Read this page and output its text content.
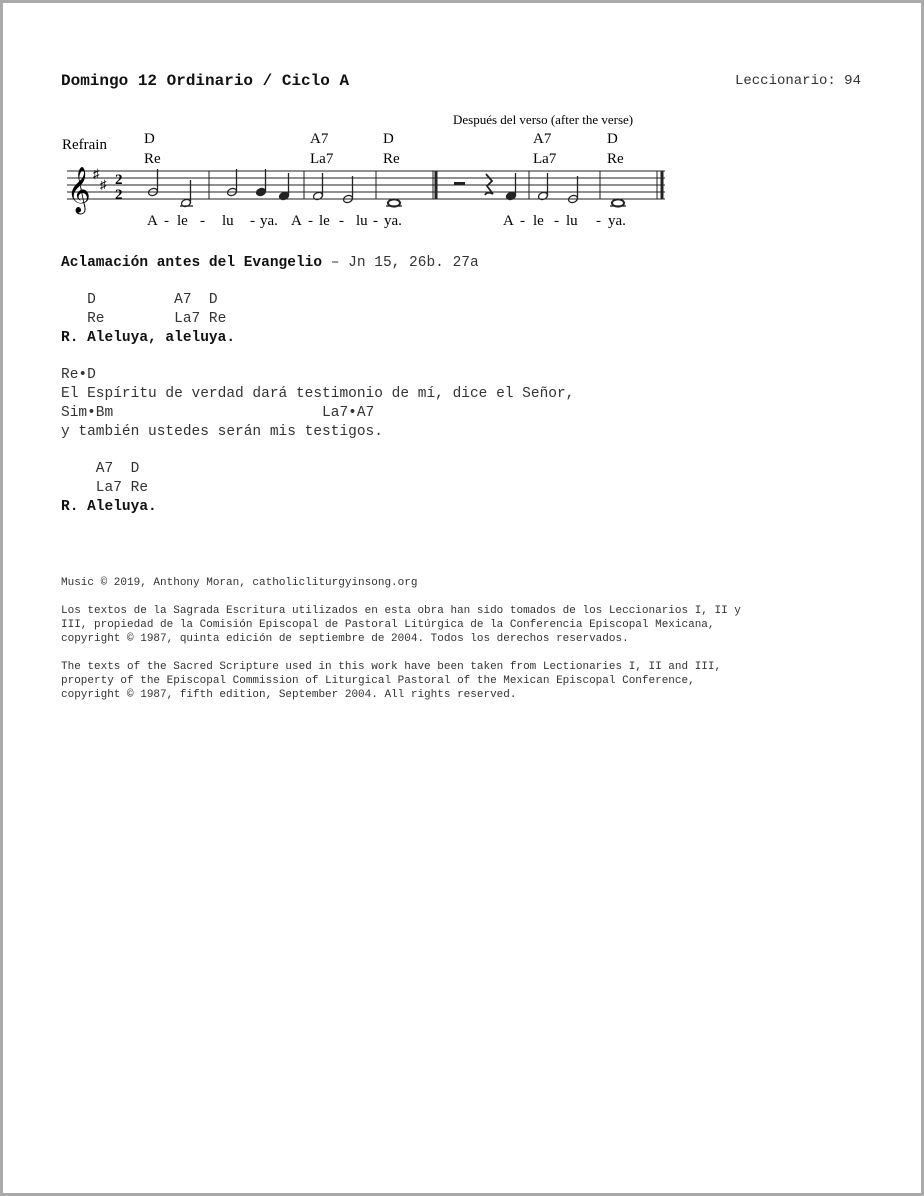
Domingo 12 Ordinario / Ciclo A	Leccionario: 94
Después del verso (after the verse)
Refrain D	A7	D	A7	D
Re	La7	Re	La7	Re
𝄞 ♯
♯ 2
2
A - le - lu - ya. A - le - lu - ya.	A - le - lu - ya.
Aclamación antes del Evangelio – Jn 15, 26b. 27a
D         A7  D
Re        La7 Re
R. Aleluya, aleluya.
Re•D
El Espíritu de verdad dará testimonio de mí, dice el Señor,
Sim•Bm                        La7•A7
y también ustedes serán mis testigos.
A7  D
La7 Re
R. Aleluya.
Music © 2019, Anthony Moran, catholicliturgyinsong.org
Los textos de la Sagrada Escritura utilizados en esta obra han sido tomados de los Leccionarios I, II y
III, propiedad de la Comisión Episcopal de Pastoral Litúrgica de la Conferencia Episcopal Mexicana,
copyright © 1987, quinta edición de septiembre de 2004. Todos los derechos reservados.
The texts of the Sacred Scripture used in this work have been taken from Lectionaries I, II and III,
property of the Episcopal Commission of Liturgical Pastoral of the Mexican Episcopal Conference,
copyright © 1987, fifth edition, September 2004. All rights reserved.
